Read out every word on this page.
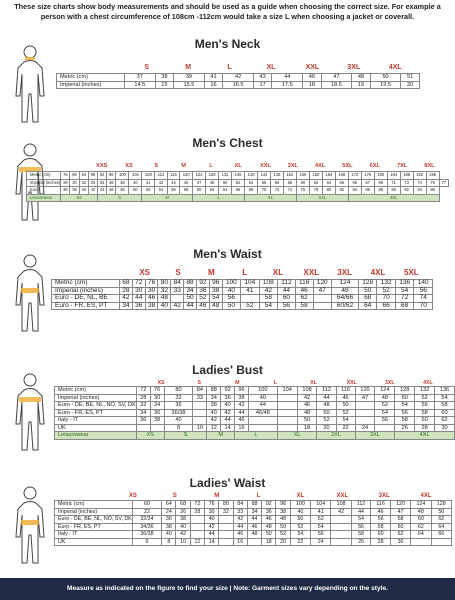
These size charts show body measurements and should be used as a guide when choosing the correct size. For example a person with a chest circumference of 108cm -112cm would take a size L when choosing a jacket or coverall.
Men's Neck
S	M	L	XL	XXL	3XL	4XL
Metric (cm)	37	38	39	41	42	43	44	46	47	48	50	51
Imperial (inches)	14.5	15	15.5	16	16.5	17	17.5	18	18.5	19	19.5	20
Men's Chest
XXS	XS	S	M	L	XL	XXL	3XL	4XL	5XL	6XL	7XL	8XL
Metric (cm)	76	80	84	88	92	96	100	104	108	112	116	120	124	128	132	136	140	144	148	152	156	160	164	168	172	176	180	184	188	192	196	
Imperial (inches)	28	30	32	33	34	36	38	40	41	42	44	46	47	48	50	52	54	55	56	58	60	62	64	65	66	67	69	71	73	74	76	77
Euro	36	38	40	42	44	46	48	50	52	54	56	58	60	62	64	66	68	70	72	74	76	78	80	82	84	86	88	90	92	94	96	
Leisurewear	XS				S				M				L				XL				XXL				3XL							
Men's Waist
XS	S	M	L	XL	XXL	3XL	4XL	5XL
Metric (cm)	68	72	76	80	84	88	92	96	100	104	108	112	116	120	124	128	132	136	140
Imperial (inches)	28	30	30	32	33	34	36	38	40	41	42	44	46	47	48	50	52	54	56
Euro - DE, NL, BE	42	44	46	48		50	52	54	56		58	60	62		64/66	68	70	72	74
Euro - FR, ES, PT	34	36	38	40	42	44	46	48	50	52	54	56	58		60/62	64	66	68	70
Ladies' Bust
XS	S	M	L	XL	XXL	3XL	4XL
Metric (cm)	72	76	80	84	88	92	96	100	104	108	112	116	120	124	128	132	136
Imperial (inches)	28	30	32	33	34	36	38	40		42	44	46	47	48	50	52	54
Euro - DE, BE, NL, NO, SV, DK	32	34	36		38	40	42	44		46	48	50		52	54	56	58
Euro - FR, ES, PT	34	36	36/38		40	42	44	46/48		48	50	52		54	56	58	60
Italy - IT	36	38	40		42	44	46			50	52	54		56	58	60	62
UK			8	10	12	14	16			18	20	22	24		26	28	30
Leisurewear	XS		S		M		L		XL		2XL		3XL		4XL		
Ladies' Waist
XS	S	M	L	XL	XXL	3XL	4XL
Metric (cm)	60	64	68	72	76	80	84	88	92	96	100	104	108	112	116	120	124	128
Imperial (inches)	22	24	26	28	30	32	33	34	36	38	40	41	42	44	46	47	48	50
Euro - DE, BE, NL, NO, SV, DK	32/34	36	38		40		42	44	46	48	50	52		54	56	58	60	62
Euro - FR, ES, PT	34/36	38	40		42		44	46	48	50	52	54		56	58	60	62	64
Italy - IT	36/38	40	42		44		46	48	50	52	54	56		58	60	62	64	66
UK	6	8	10	12	14		16		18	20	22	24		26	28	30		
Measure as indicated on the figure to find your size | Note: Garment sizes vary depending on the style.
